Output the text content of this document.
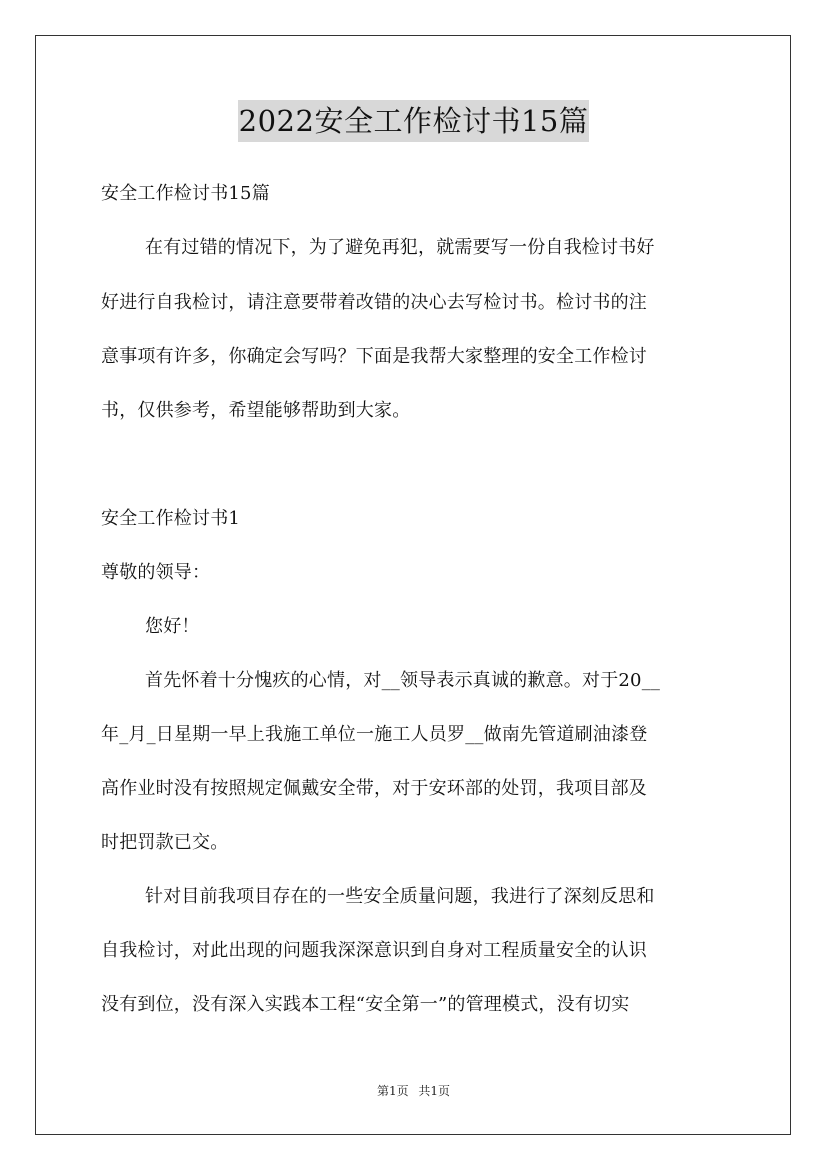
2022安全工作检讨书15篇
安全工作检讨书15篇
在有过错的情况下，为了避免再犯，就需要写一份自我检讨书好
好进行自我检讨，请注意要带着改错的决心去写检讨书。检讨书的注
意事项有许多，你确定会写吗？下面是我帮大家整理的安全工作检讨
书，仅供参考，希望能够帮助到大家。
安全工作检讨书1
尊敬的领导：
您好！
首先怀着十分愧疚的心情，对__领导表示真诚的歉意。对于20__
年_月_日星期一早上我施工单位一施工人员罗__做南先管道刷油漆登
高作业时没有按照规定佩戴安全带，对于安环部的处罚，我项目部及
时把罚款已交。
针对目前我项目存在的一些安全质量问题，我进行了深刻反思和
自我检讨，对此出现的问题我深深意识到自身对工程质量安全的认识
没有到位，没有深入实践本工程“安全第一”的管理模式，没有切实
第1页 共1页
